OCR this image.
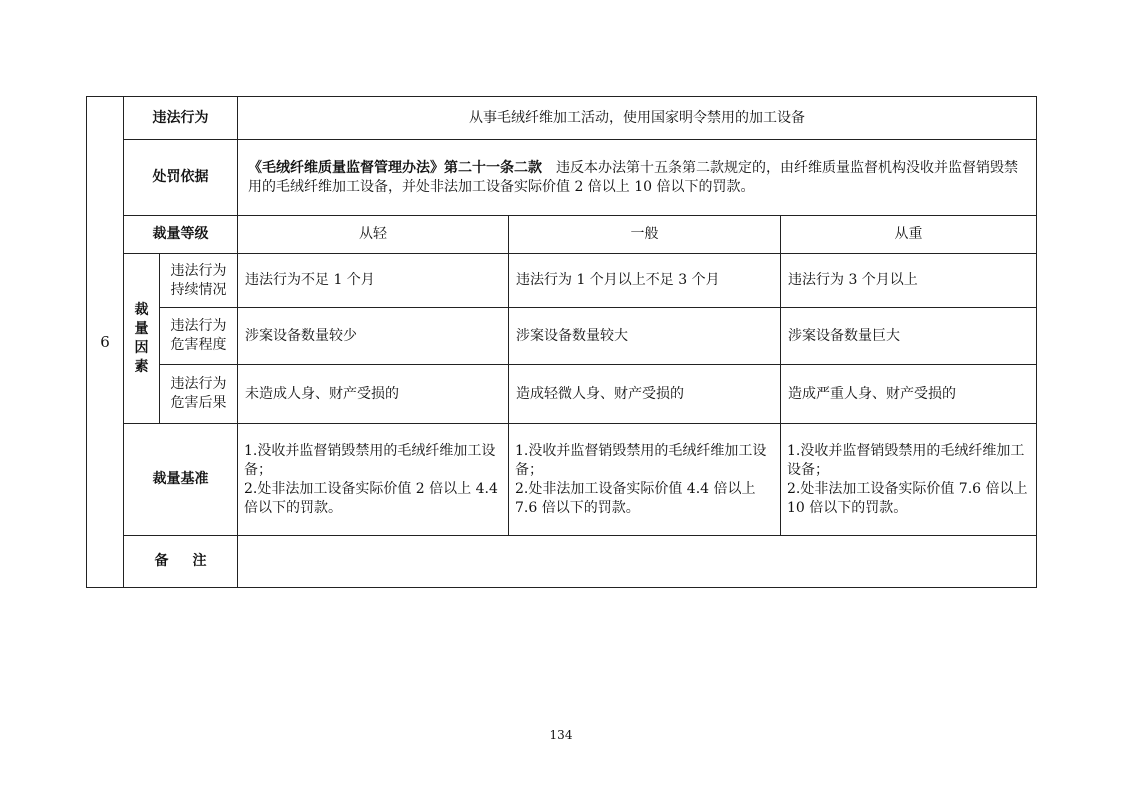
6	违法行为		从事毛绒纤维加工活动，使用国家明令禁用的加工设备		
	处罚依据		《毛绒纤维质量监督管理办法》第二十一条二款 违反本办法第十五条第二款规定的，由纤维质量监督机构没收并监督销毁禁用的毛绒纤维加工设备，并处非法加工设备实际价值 2 倍以上 10 倍以下的罚款。		
	裁量等级		从轻	一般	从重

	裁
量
因
素	违法行为
持续情况	违法行为不足 1 个月	违法行为 1 个月以上不足 3 个月	违法行为 3 个月以上

		违法行为
危害程度	涉案设备数量较少	涉案设备数量较大	涉案设备数量巨大

		违法行为
危害后果	未造成人身、财产受损的	造成轻微人身、财产受损的	造成严重人身、财产受损的
	裁量基准		1.没收并监督销毁禁用的毛绒纤维加工设备；
2.处非法加工设备实际价值 2 倍以上 4.4 倍以下的罚款。	1.没收并监督销毁禁用的毛绒纤维加工设备；
2.处非法加工设备实际价值 4.4 倍以上 7.6 倍以下的罚款。	1.没收并监督销毁禁用的毛绒纤维加工设备；
2.处非法加工设备实际价值 7.6 倍以上 10 倍以下的罚款。

	备 注				
134
